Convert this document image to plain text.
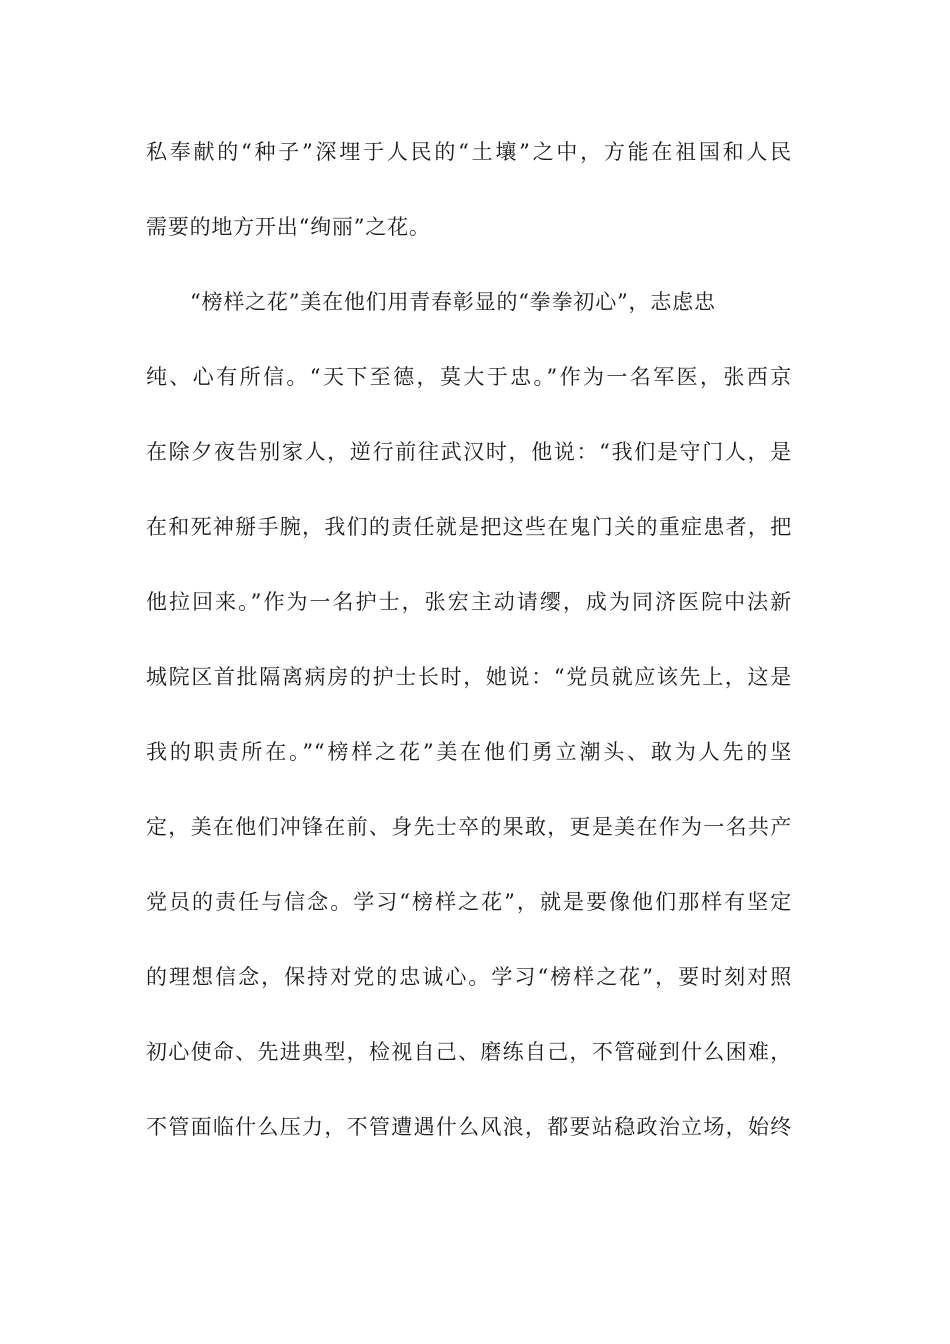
私奉献的“种子”深埋于人民的“土壤”之中，方能在祖国和人民
需要的地方开出“绚丽”之花。
“榜样之花”美在他们用青春彰显的“拳拳初心”，志虑忠
纯、心有所信。“天下至德，莫大于忠。”作为一名军医，张西京
在除夕夜告别家人，逆行前往武汉时，他说：“我们是守门人，是
在和死神掰手腕，我们的责任就是把这些在鬼门关的重症患者，把
他拉回来。”作为一名护士，张宏主动请缨，成为同济医院中法新
城院区首批隔离病房的护士长时，她说：“党员就应该先上，这是
我的职责所在。”“榜样之花”美在他们勇立潮头、敢为人先的坚
定，美在他们冲锋在前、身先士卒的果敢，更是美在作为一名共产
党员的责任与信念。学习“榜样之花”，就是要像他们那样有坚定
的理想信念，保持对党的忠诚心。学习“榜样之花”，要时刻对照
初心使命、先进典型，检视自己、磨练自己，不管碰到什么困难，
不管面临什么压力，不管遭遇什么风浪，都要站稳政治立场，始终
